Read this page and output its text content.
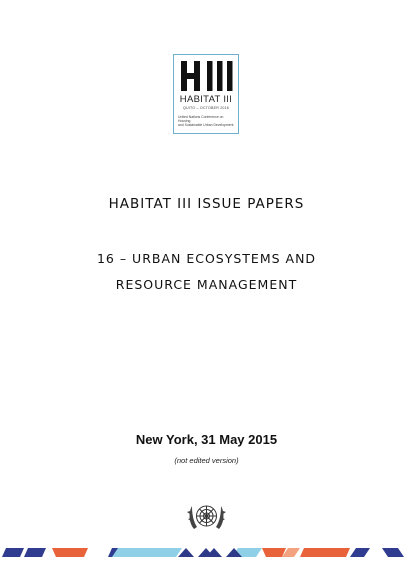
HABITAT III
QUITO – OCTOBER 2016
United Nations Conference on Housing
and Sustainable Urban Development
HABITAT III ISSUE PAPERS
16 – URBAN ECOSYSTEMS AND
RESOURCE MANAGEMENT
New York, 31 May 2015
(not edited version)
